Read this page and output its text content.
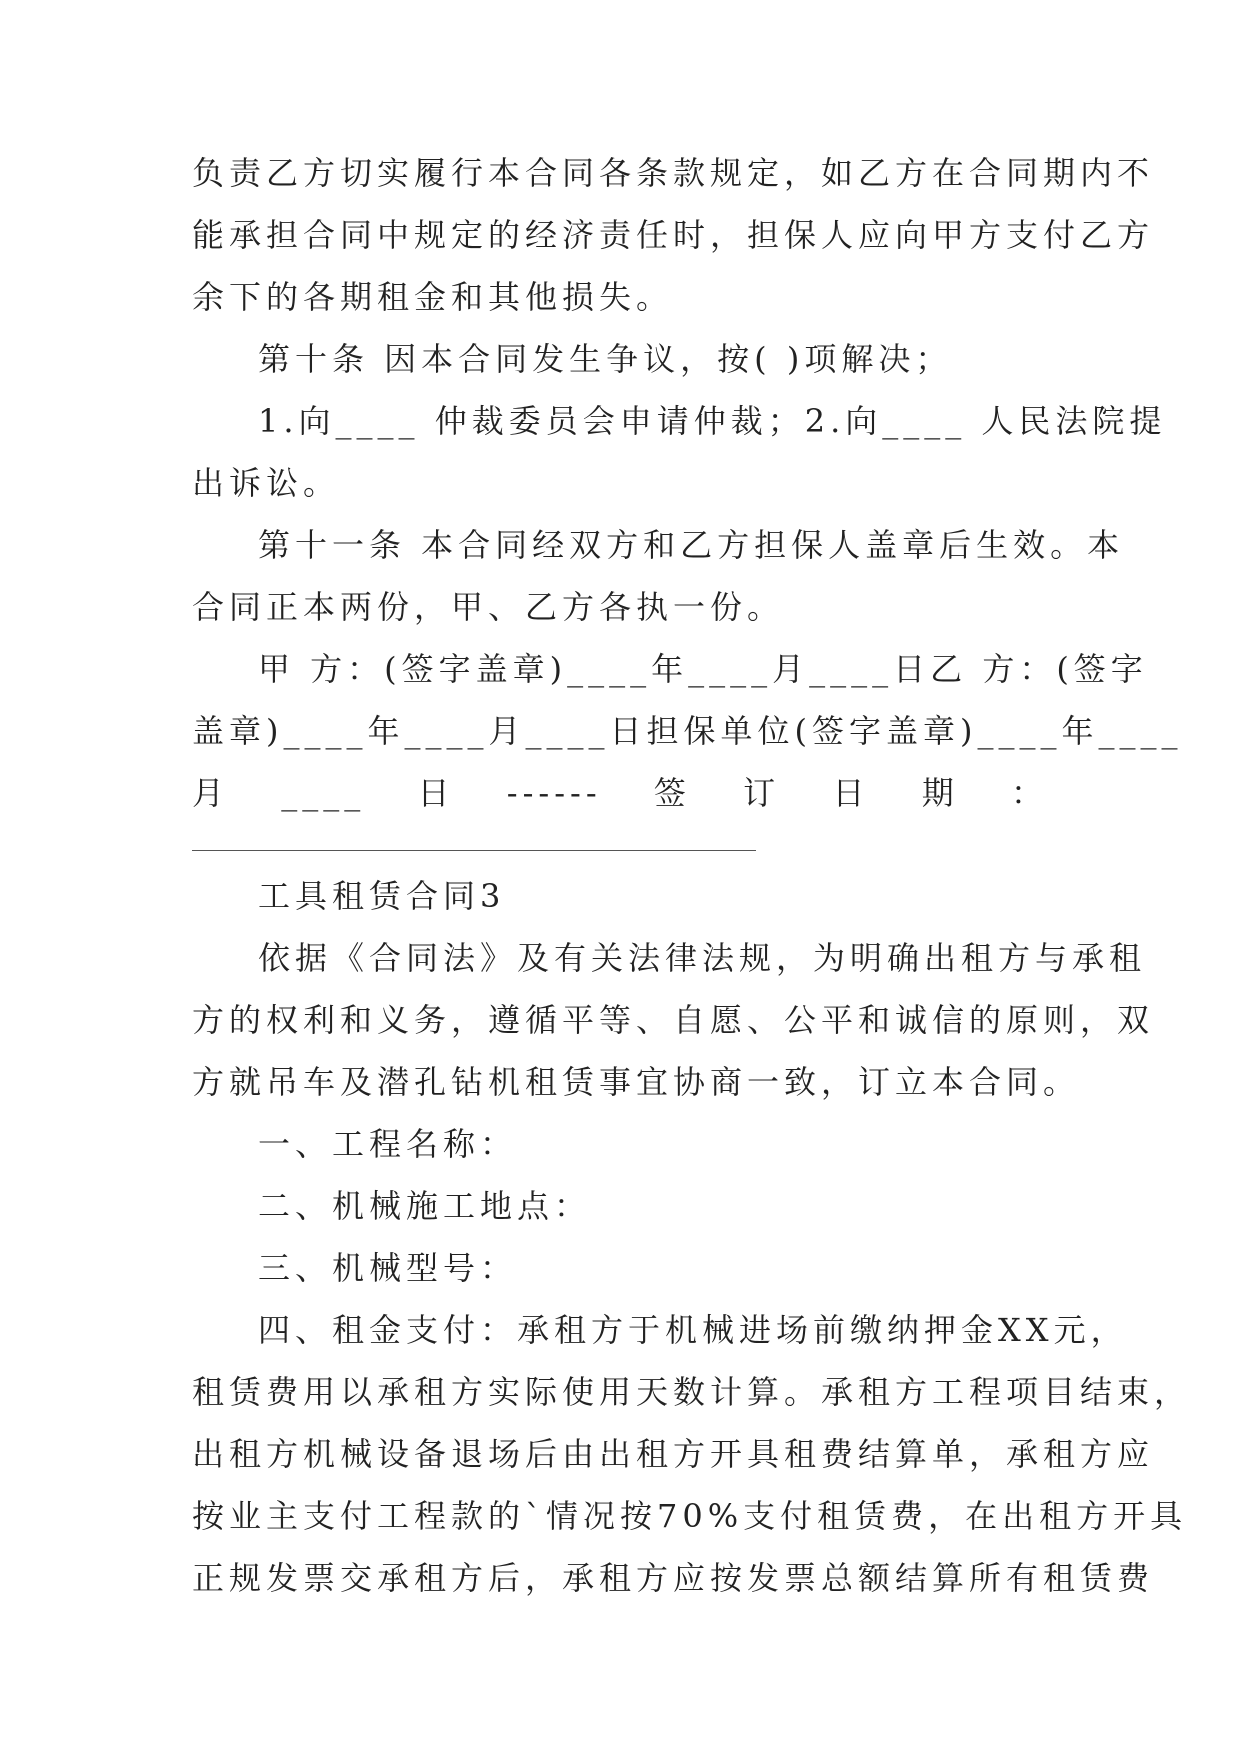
负责乙方切实履行本合同各条款规定，如乙方在合同期内不
能承担合同中规定的经济责任时，担保人应向甲方支付乙方
余下的各期租金和其他损失。
第十条 因本合同发生争议，按( )项解决；
1.向____ 仲裁委员会申请仲裁；2.向____ 人民法院提
出诉讼。
第十一条 本合同经双方和乙方担保人盖章后生效。本
合同正本两份，甲、乙方各执一份。
甲 方：(签字盖章)____年____月____日乙 方：(签字
盖章)____年____月____日担保单位(签字盖章)____年____
月 ____ 日 ------ 签 订 日 期 ：
工具租赁合同3
依据《合同法》及有关法律法规，为明确出租方与承租
方的权利和义务，遵循平等、自愿、公平和诚信的原则，双
方就吊车及潜孔钻机租赁事宜协商一致，订立本合同。
一、工程名称：
二、机械施工地点：
三、机械型号：
四、租金支付：承租方于机械进场前缴纳押金XX元，
租赁费用以承租方实际使用天数计算。承租方工程项目结束，
出租方机械设备退场后由出租方开具租费结算单，承租方应
按业主支付工程款的`情况按70%支付租赁费，在出租方开具
正规发票交承租方后，承租方应按发票总额结算所有租赁费
